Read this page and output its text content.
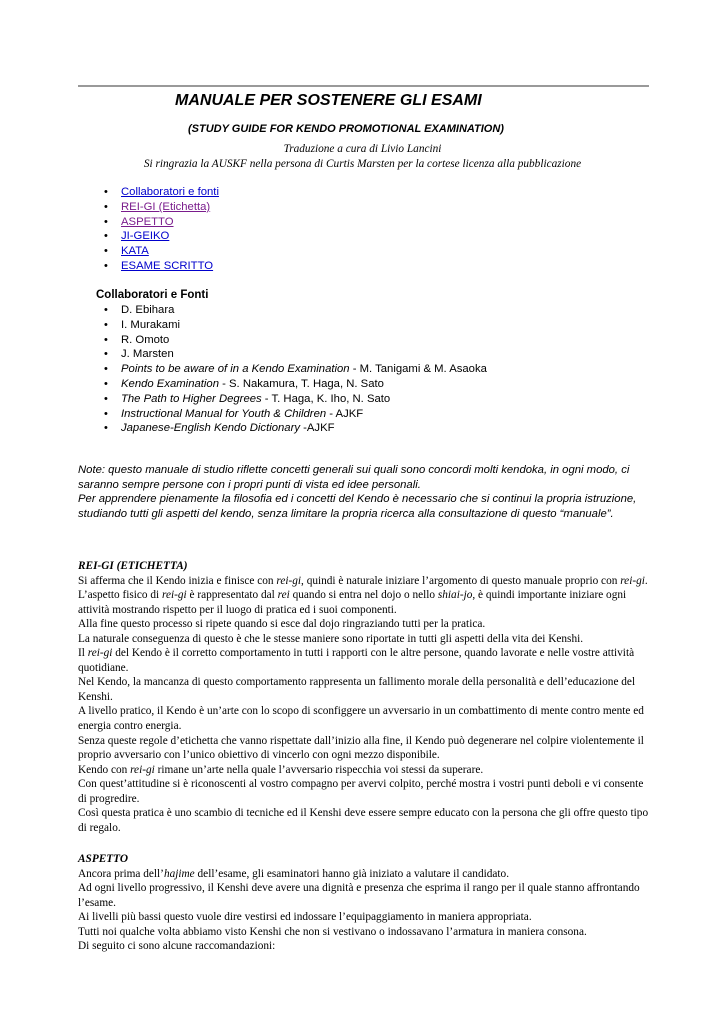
MANUALE PER SOSTENERE GLI ESAMI

(STUDY GUIDE FOR KENDO PROMOTIONAL EXAMINATION)

Traduzione a cura di Livio Lancini

Si ringrazia la AUSKF nella persona di Curtis Marsten per la cortese licenza alla pubblicazione

• Collaboratori e fonti
• REI-GI (Etichetta)
• ASPETTO
• JI-GEIKO
• KATA
• ESAME SCRITTO
Collaboratori e Fonti
• D. Ebihara
• I. Murakami
• R. Omoto
• J. Marsten
• Points to be aware of in a Kendo Examination - M. Tanigami & M. Asaoka
• Kendo Examination - S. Nakamura, T. Haga, N. Sato
• The Path to Higher Degrees - T. Haga, K. Iho, N. Sato
• Instructional Manual for Youth & Children - AJKF
• Japanese-English Kendo Dictionary -AJKF

Note: questo manuale di studio riflette concetti generali sui quali sono concordi molti kendoka, in ogni modo, ci saranno sempre persone con i propri punti di vista ed idee personali.

Per apprendere pienamente la filosofia ed i concetti del Kendo è necessario che si continui la propria istruzione, studiando tutti gli aspetti del kendo, senza limitare la propria ricerca alla consultazione di questo “manuale”.

REI-GI (ETICHETTA)

Si afferma che il Kendo inizia e finisce con rei-gi, quindi è naturale iniziare l’argomento di questo manuale proprio con rei-gi.

L’aspetto fisico di rei-gi è rappresentato dal rei quando si entra nel dojo o nello shiai-jo, è quindi importante iniziare ogni attività mostrando rispetto per il luogo di pratica ed i suoi componenti.

Alla fine questo processo si ripete quando si esce dal dojo ringraziando tutti per la pratica.

La naturale conseguenza di questo è che le stesse maniere sono riportate in tutti gli aspetti della vita dei Kenshi.

Il rei-gi del Kendo è il corretto comportamento in tutti i rapporti con le altre persone, quando lavorate e nelle vostre attività quotidiane.

Nel Kendo, la mancanza di questo comportamento rappresenta un fallimento morale della personalità e dell’educazione del Kenshi.

A livello pratico, il Kendo è un’arte con lo scopo di sconfiggere un avversario in un combattimento di mente contro mente ed energia contro energia.

Senza queste regole d’etichetta che vanno rispettate dall’inizio alla fine, il Kendo può degenerare nel colpire violentemente il proprio avversario con l’unico obiettivo di vincerlo con ogni mezzo disponibile.

Kendo con rei-gi rimane un’arte nella quale l’avversario rispecchia voi stessi da superare.

Con quest’attitudine si è riconoscenti al vostro compagno per avervi colpito, perché mostra i vostri punti deboli e vi consente di progredire.

Così questa pratica è uno scambio di tecniche ed il Kenshi deve essere sempre educato con la persona che gli offre questo tipo di regalo.

ASPETTO

Ancora prima dell’hajime dell’esame, gli esaminatori hanno già iniziato a valutare il candidato.

Ad ogni livello progressivo, il Kenshi deve avere una dignità e presenza che esprima il rango per il quale stanno affrontando l’esame.

Ai livelli più bassi questo vuole dire vestirsi ed indossare l’equipaggiamento in maniera appropriata.

Tutti noi qualche volta abbiamo visto Kenshi che non si vestivano o indossavano l’armatura in maniera consona.

Di seguito ci sono alcune raccomandazioni:
